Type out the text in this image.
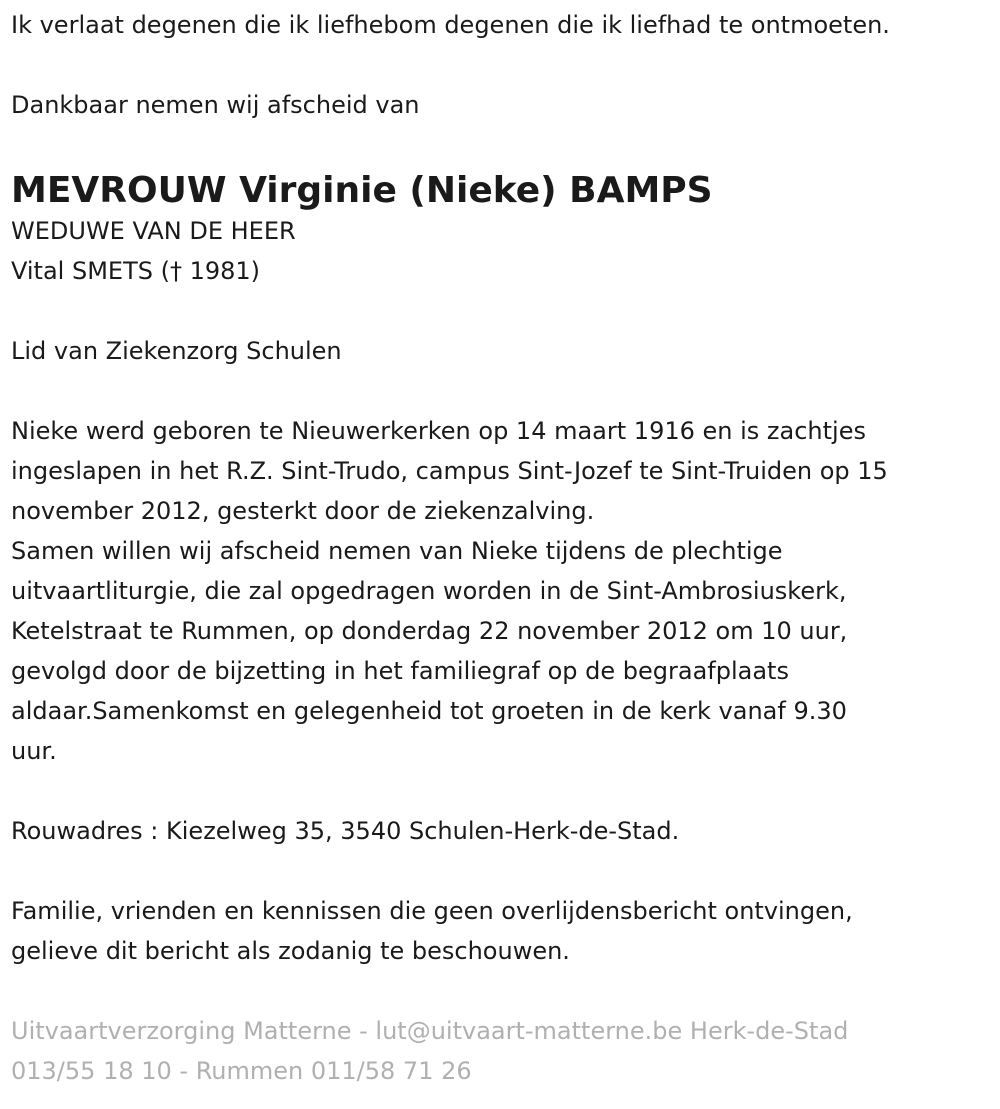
Ik verlaat degenen die ik liefhebom degenen die ik liefhad te ontmoeten.

Dankbaar nemen wij afscheid van

MEVROUW Virginie (Nieke) BAMPS

WEDUWE VAN DE HEER

Vital SMETS († 1981)

Lid van Ziekenzorg Schulen

Nieke werd geboren te Nieuwerkerken op 14 maart 1916 en is zachtjes

ingeslapen in het R.Z. Sint-Trudo, campus Sint-Jozef te Sint-Truiden op 15

november 2012, gesterkt door de ziekenzalving.

Samen willen wij afscheid nemen van Nieke tijdens de plechtige

uitvaartliturgie, die zal opgedragen worden in de Sint-Ambrosiuskerk,

Ketelstraat te Rummen, op donderdag 22 november 2012 om 10 uur,

gevolgd door de bijzetting in het familiegraf op de begraafplaats

aldaar.Samenkomst en gelegenheid tot groeten in de kerk vanaf 9.30

uur.

Rouwadres : Kiezelweg 35, 3540 Schulen-Herk-de-Stad.

Familie, vrienden en kennissen die geen overlijdensbericht ontvingen,

gelieve dit bericht als zodanig te beschouwen.

Uitvaartverzorging Matterne - lut@uitvaart-matterne.be Herk-de-Stad

013/55 18 10 - Rummen 011/58 71 26
